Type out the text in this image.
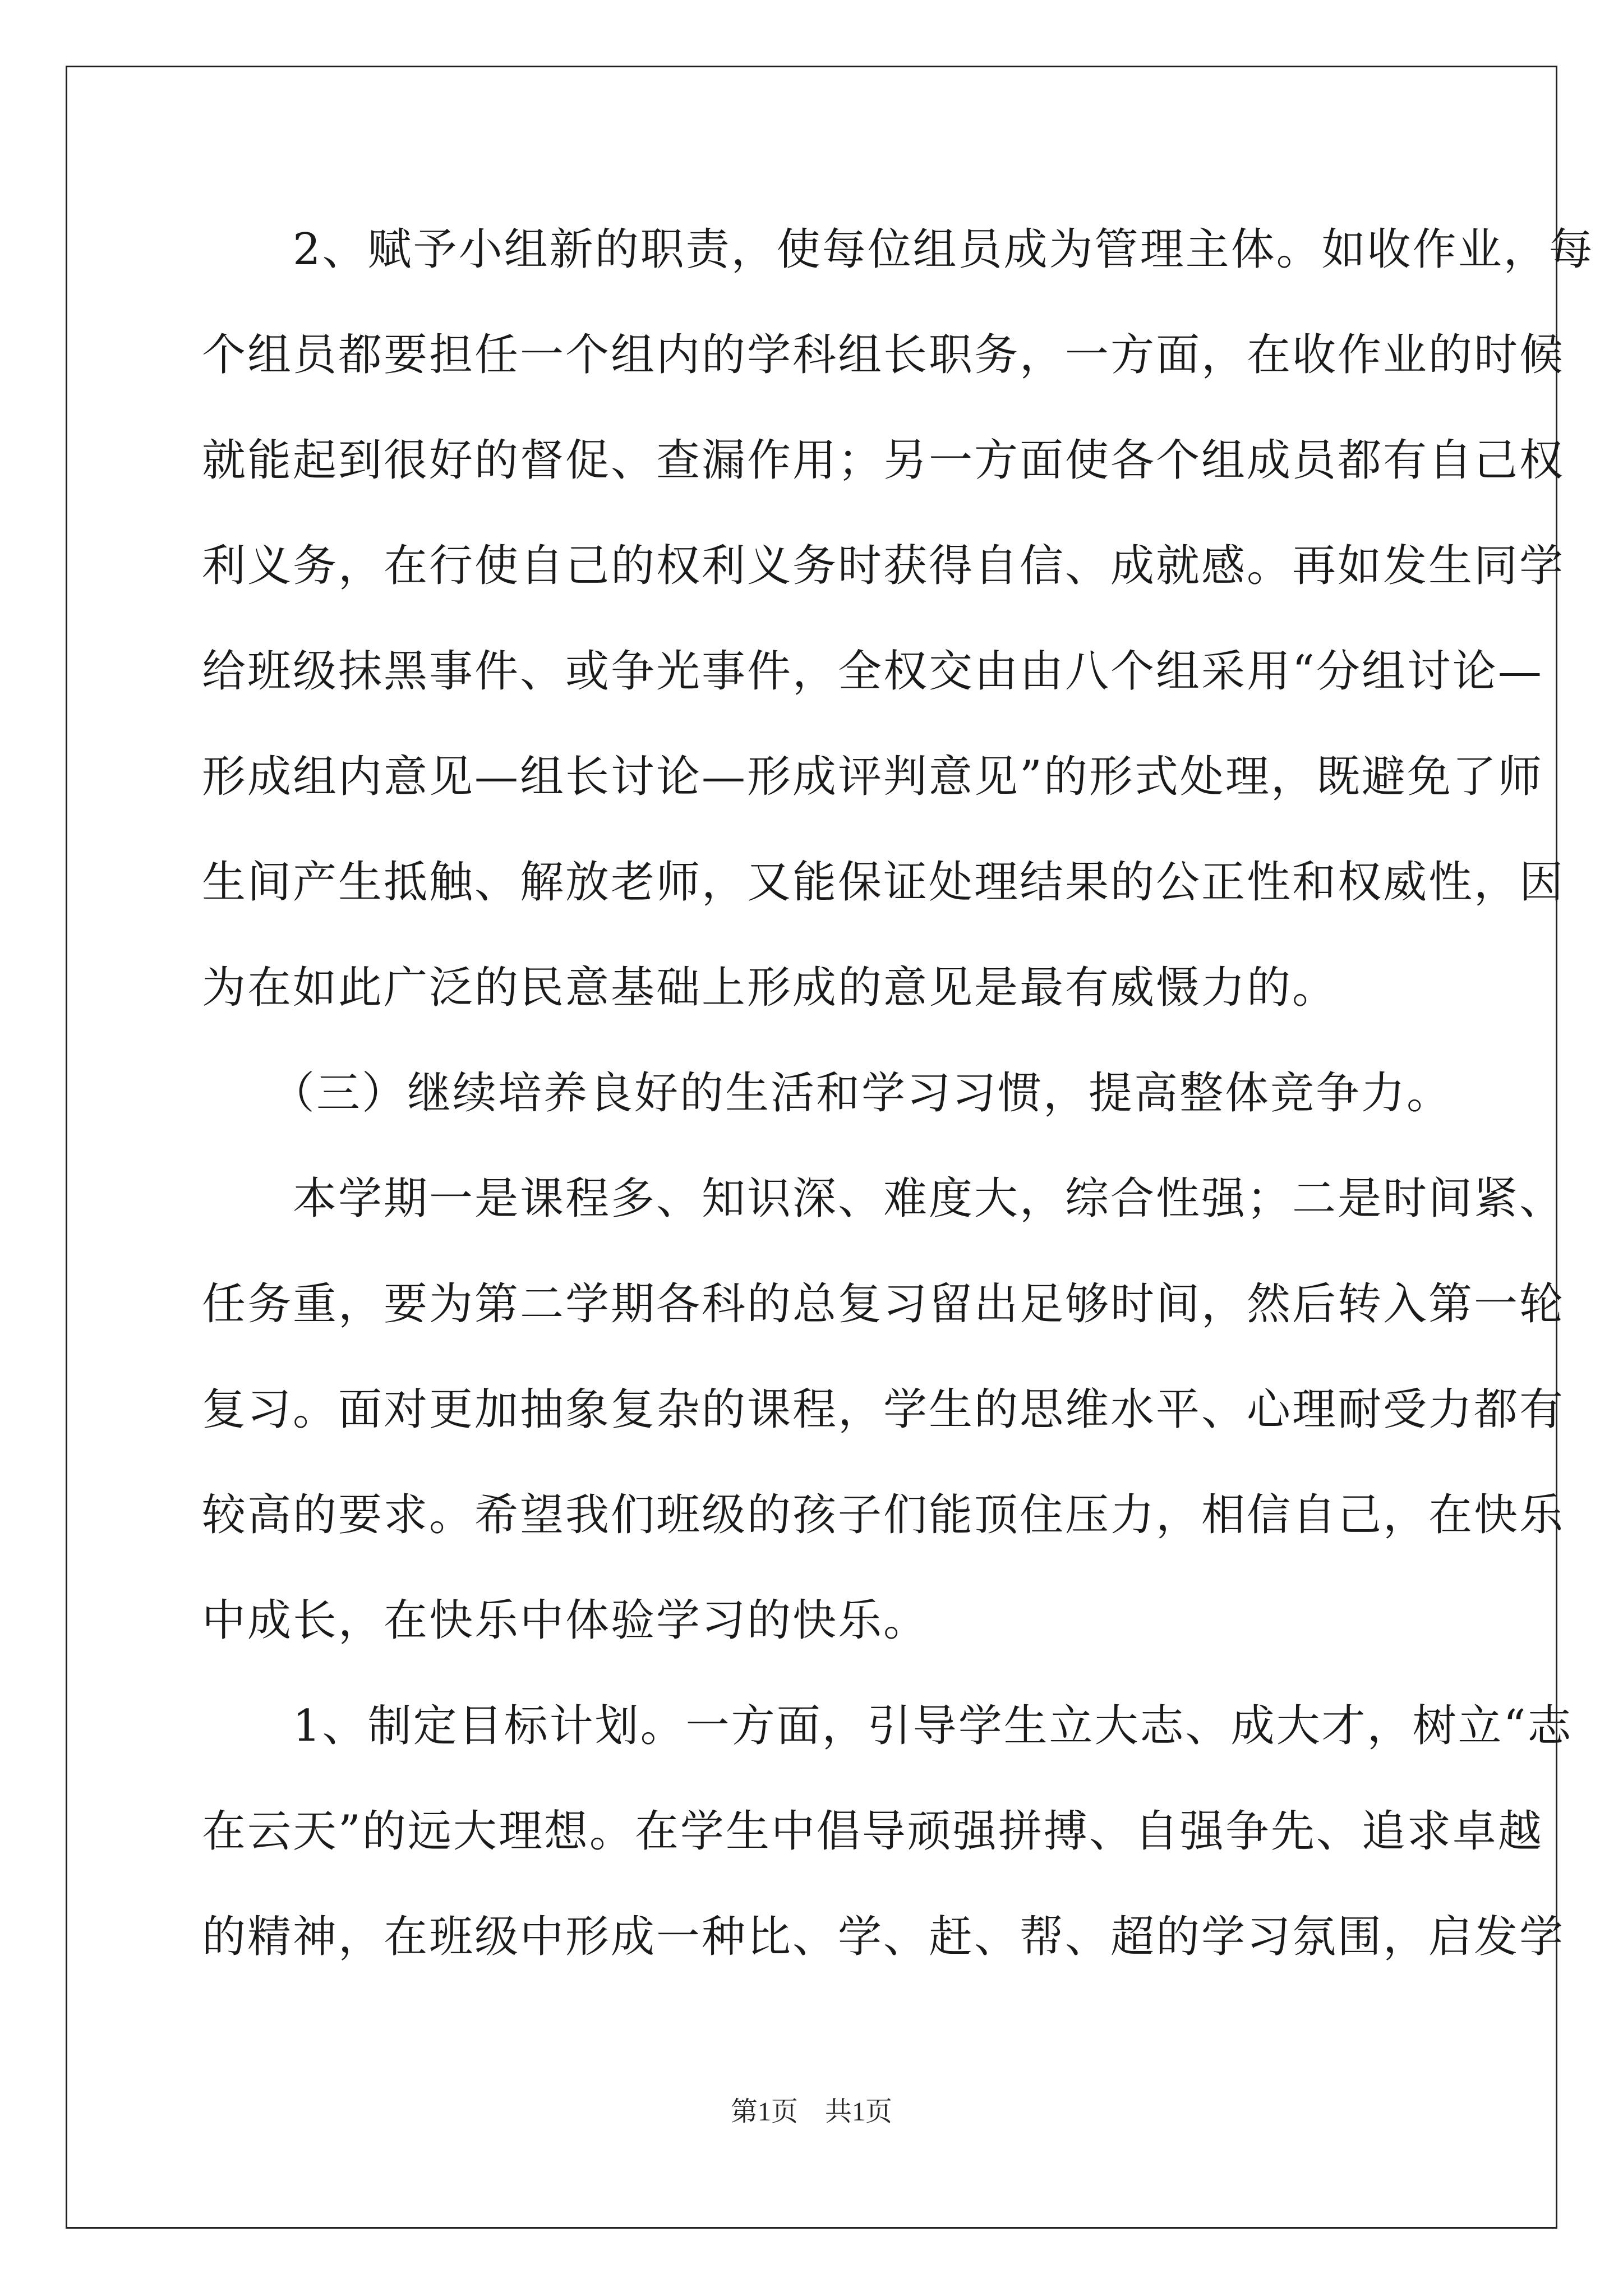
　　2、赋予小组新的职责，使每位组员成为管理主体。如收作业，每
个组员都要担任一个组内的学科组长职务，一方面，在收作业的时候
就能起到很好的督促、查漏作用；另一方面使各个组成员都有自己权
利义务，在行使自己的权利义务时获得自信、成就感。再如发生同学
给班级抹黑事件、或争光事件，全权交由由八个组采用“分组讨论—
形成组内意见—组长讨论—形成评判意见”的形式处理，既避免了师
生间产生抵触、解放老师，又能保证处理结果的公正性和权威性，因
为在如此广泛的民意基础上形成的意见是最有威慑力的。
　　（三）继续培养良好的生活和学习习惯，提高整体竞争力。
　　本学期一是课程多、知识深、难度大，综合性强；二是时间紧、
任务重，要为第二学期各科的总复习留出足够时间，然后转入第一轮
复习。面对更加抽象复杂的课程，学生的思维水平、心理耐受力都有
较高的要求。希望我们班级的孩子们能顶住压力，相信自己，在快乐
中成长，在快乐中体验学习的快乐。
　　1、制定目标计划。一方面，引导学生立大志、成大才，树立“志
在云天”的远大理想。在学生中倡导顽强拼搏、自强争先、追求卓越
的精神，在班级中形成一种比、学、赶、帮、超的学习氛围，启发学
第1页　共1页
